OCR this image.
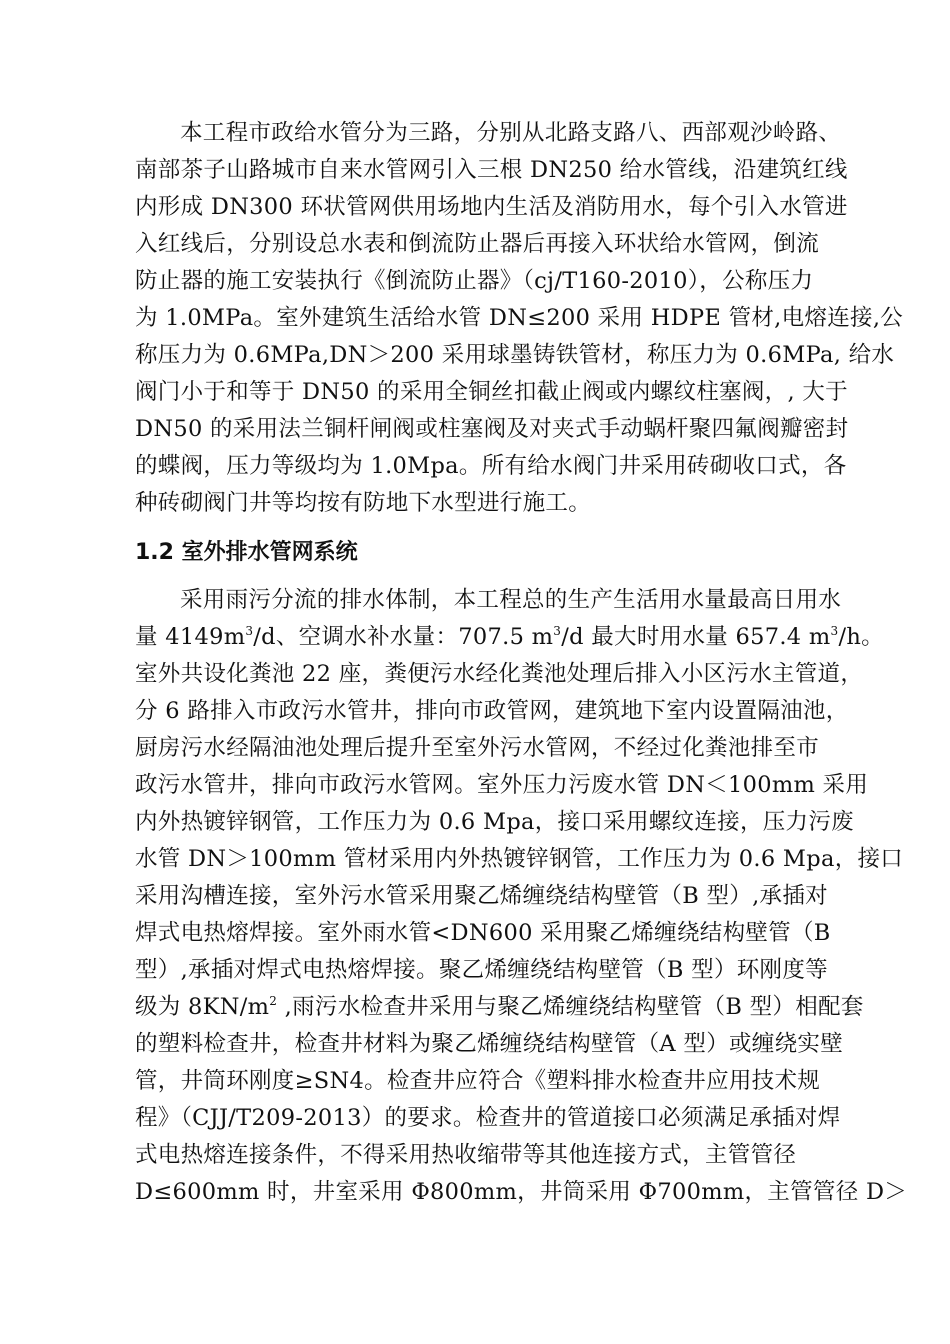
本工程市政给水管分为三路，分别从北路支路八、西部观沙岭路、
南部茶子山路城市自来水管网引入三根 DN250 给水管线，沿建筑红线
内形成 DN300 环状管网供用场地内生活及消防用水，每个引入水管进
入红线后，分别设总水表和倒流防止器后再接入环状给水管网，倒流
防止器的施工安装执行《倒流防止器》（cj/T160-2010），公称压力
为 1.0MPa。室外建筑生活给水管 DN≤200 采用 HDPE 管材,电熔连接,公
称压力为 0.6MPa,DN＞200 采用球墨铸铁管材，称压力为 0.6MPa, 给水
阀门小于和等于 DN50 的采用全铜丝扣截止阀或内螺纹柱塞阀，, 大于
DN50 的采用法兰铜杆闸阀或柱塞阀及对夹式手动蜗杆聚四氟阀瓣密封
的蝶阀，压力等级均为 1.0Mpa。所有给水阀门井采用砖砌收口式，各
种砖砌阀门井等均按有防地下水型进行施工。
1.2 室外排水管网系统
采用雨污分流的排水体制，本工程总的生产生活用水量最高日用水
量 $4149m^3/d$、空调水补水量：707.5 $m^3/d$ 最大时用水量 657.4 $m^3/h$。
室外共设化粪池 22 座，粪便污水经化粪池处理后排入小区污水主管道，
分 6 路排入市政污水管井，排向市政管网，建筑地下室内设置隔油池，
厨房污水经隔油池处理后提升至室外污水管网，不经过化粪池排至市
政污水管井，排向市政污水管网。室外压力污废水管 DN＜100mm 采用
内外热镀锌钢管，工作压力为 0.6 Mpa，接口采用螺纹连接，压力污废
水管 DN＞100mm 管材采用内外热镀锌钢管，工作压力为 0.6 Mpa，接口
采用沟槽连接，室外污水管采用聚乙烯缠绕结构壁管（B 型）,承插对
焊式电热熔焊接。室外雨水管<DN600 采用聚乙烯缠绕结构壁管（B
型）,承插对焊式电热熔焊接。聚乙烯缠绕结构壁管（B 型）环刚度等
级为 $8KN/m^2$ ,雨污水检查井采用与聚乙烯缠绕结构壁管（B 型）相配套
的塑料检查井，检查井材料为聚乙烯缠绕结构壁管（A 型）或缠绕实壁
管，井筒环刚度≥SN4。检查井应符合《塑料排水检查井应用技术规
程》（CJJ/T209-2013）的要求。检查井的管道接口必须满足承插对焊
式电热熔连接条件，不得采用热收缩带等其他连接方式，主管管径
D≤600mm 时，井室采用 Φ800mm，井筒采用 Φ700mm，主管管径 D＞
